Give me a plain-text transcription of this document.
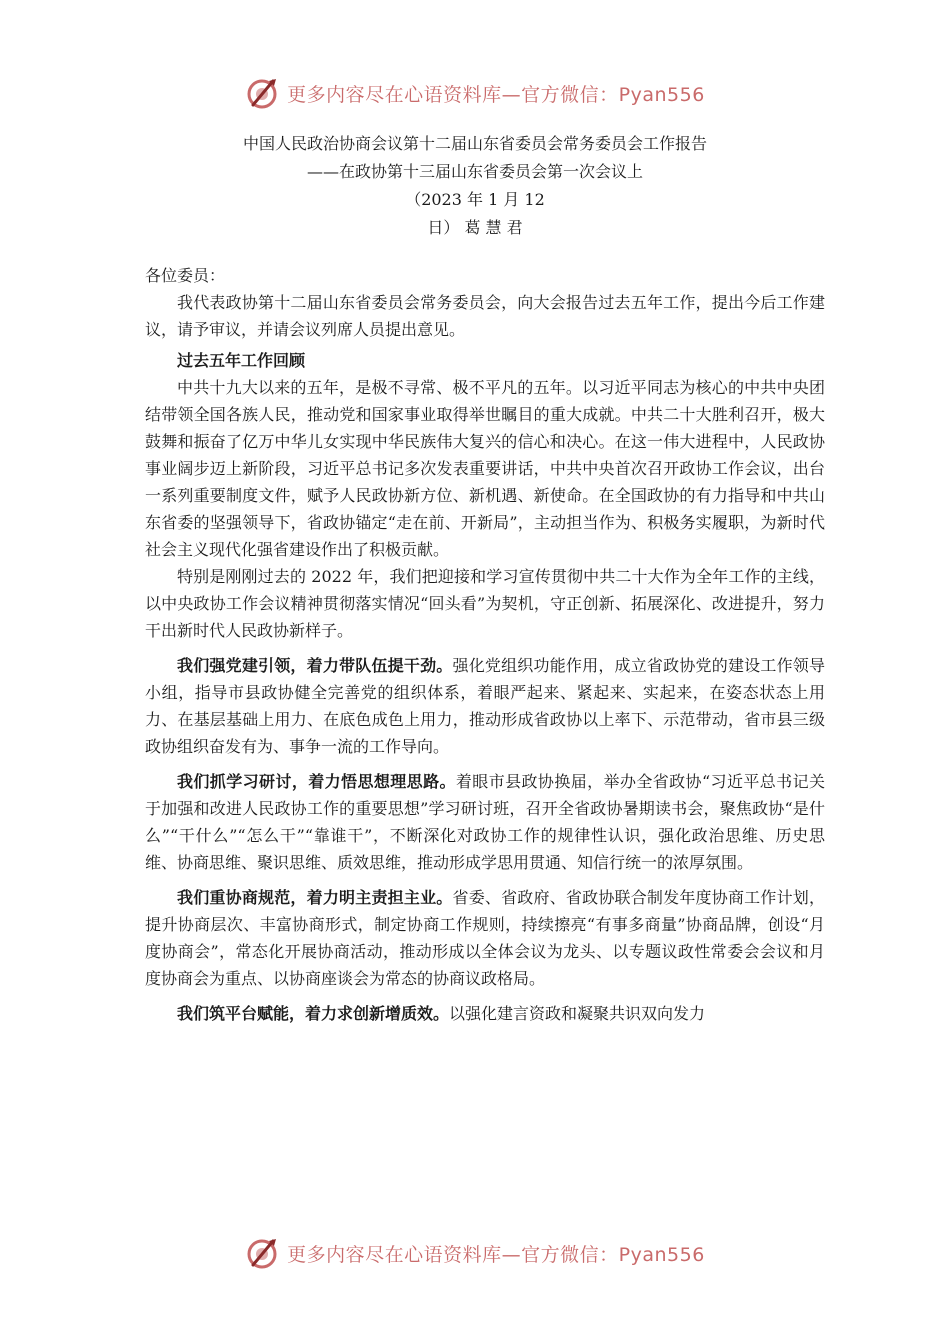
更多内容尽在心语资料库—官方微信：Pyan556
中国人民政治协商会议第十二届山东省委员会常务委员会工作报告
——在政协第十三届山东省委员会第一次会议上
（2023 年 1 月 12
日） 葛 慧 君

各位委员：

我代表政协第十二届山东省委员会常务委员会，向大会报告过去五年工作，提出今后工作建议，请予审议，并请会议列席人员提出意见。

过去五年工作回顾

中共十九大以来的五年，是极不寻常、极不平凡的五年。以习近平同志为核心的中共中央团结带领全国各族人民，推动党和国家事业取得举世瞩目的重大成就。中共二十大胜利召开，极大鼓舞和振奋了亿万中华儿女实现中华民族伟大复兴的信心和决心。在这一伟大进程中，人民政协事业阔步迈上新阶段，习近平总书记多次发表重要讲话，中共中央首次召开政协工作会议，出台一系列重要制度文件，赋予人民政协新方位、新机遇、新使命。在全国政协的有力指导和中共山东省委的坚强领导下，省政协锚定“走在前、开新局”，主动担当作为、积极务实履职，为新时代社会主义现代化强省建设作出了积极贡献。

特别是刚刚过去的 2022 年，我们把迎接和学习宣传贯彻中共二十大作为全年工作的主线，以中央政协工作会议精神贯彻落实情况“回头看”为契机，守正创新、拓展深化、改进提升，努力干出新时代人民政协新样子。

我们强党建引领，着力带队伍提干劲。强化党组织功能作用，成立省政协党的建设工作领导小组，指导市县政协健全完善党的组织体系，着眼严起来、紧起来、实起来，在姿态状态上用力、在基层基础上用力、在底色成色上用力，推动形成省政协以上率下、示范带动，省市县三级政协组织奋发有为、事争一流的工作导向。

我们抓学习研讨，着力悟思想理思路。着眼市县政协换届，举办全省政协“习近平总书记关于加强和改进人民政协工作的重要思想”学习研讨班，召开全省政协暑期读书会，聚焦政协“是什么”“干什么”“怎么干”“靠谁干”，不断深化对政协工作的规律性认识，强化政治思维、历史思维、协商思维、聚识思维、质效思维，推动形成学思用贯通、知信行统一的浓厚氛围。

我们重协商规范，着力明主责担主业。省委、省政府、省政协联合制发年度协商工作计划，提升协商层次、丰富协商形式，制定协商工作规则，持续擦亮“有事多商量”协商品牌，创设“月度协商会”，常态化开展协商活动，推动形成以全体会议为龙头、以专题议政性常委会会议和月度协商会为重点、以协商座谈会为常态的协商议政格局。

我们筑平台赋能，着力求创新增质效。以强化建言资政和凝聚共识双向发力

更多内容尽在心语资料库—官方微信：Pyan556
